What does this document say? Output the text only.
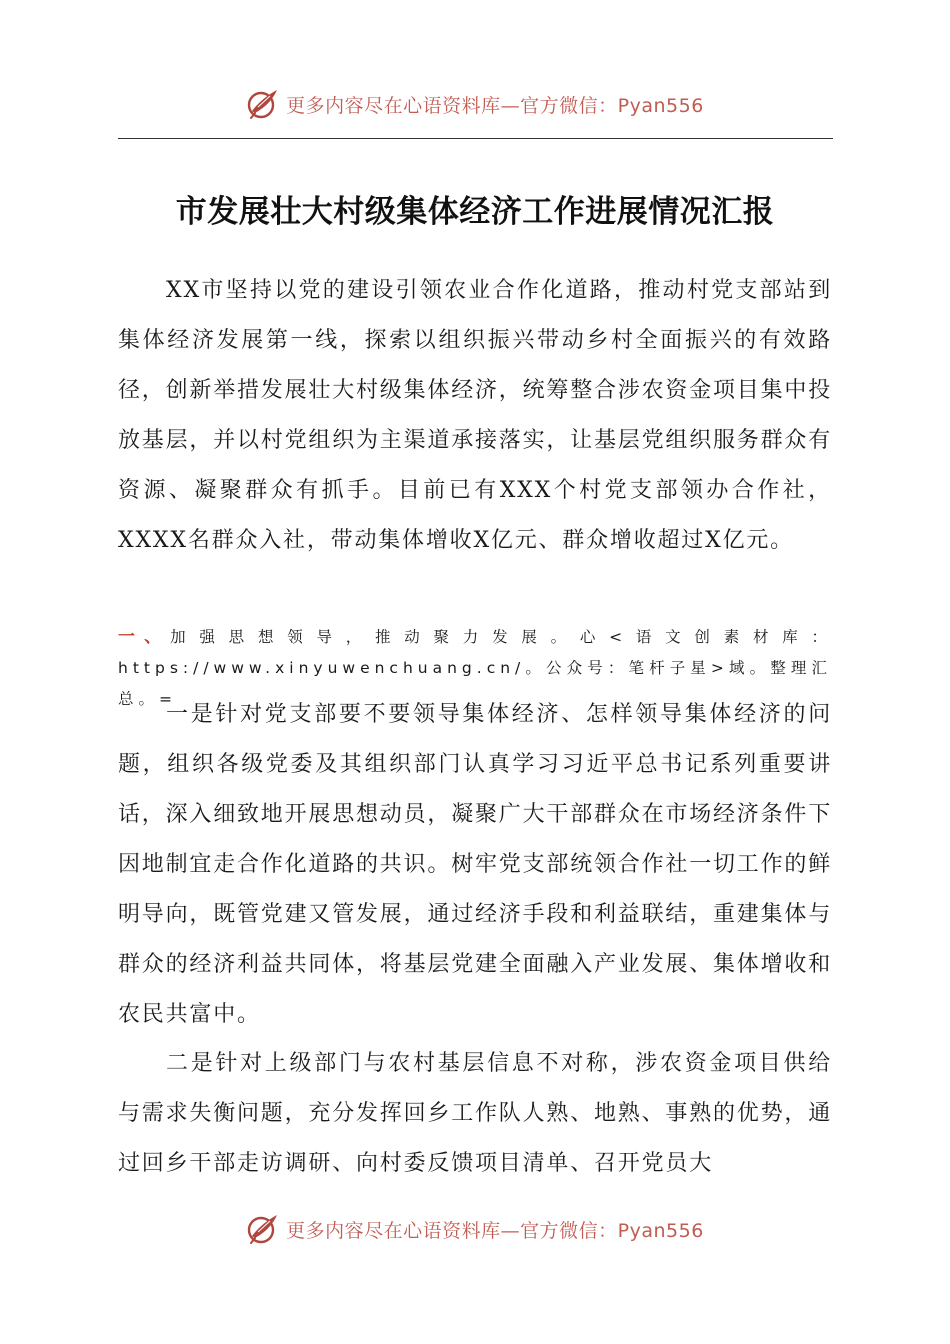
更多内容尽在心语资料库—官方微信：Pyan556
市发展壮大村级集体经济工作进展情况汇报

XX市坚持以党的建设引领农业合作化道路，推动村党支部站到集体经济发展第一线，探索以组织振兴带动乡村全面振兴的有效路径，创新举措发展壮大村级集体经济，统筹整合涉农资金项目集中投放基层，并以村党组织为主渠道承接落实，让基层党组织服务群众有资源、凝聚群众有抓手。目前已有XXX个村党支部领办合作社，XXXX名群众入社，带动集体增收X亿元、群众增收超过X亿元。

一、加强思想领导，推动聚力发展。心<语文创素材库：https://www.xinyuwenchuang.cn/。公众号：笔杆子星>域。整理汇总。=

一是针对党支部要不要领导集体经济、怎样领导集体经济的问题，组织各级党委及其组织部门认真学习习近平总书记系列重要讲话，深入细致地开展思想动员，凝聚广大干部群众在市场经济条件下因地制宜走合作化道路的共识。树牢党支部统领合作社一切工作的鲜明导向，既管党建又管发展，通过经济手段和利益联结，重建集体与群众的经济利益共同体，将基层党建全面融入产业发展、集体增收和农民共富中。

二是针对上级部门与农村基层信息不对称，涉农资金项目供给与需求失衡问题，充分发挥回乡工作队人熟、地熟、事熟的优势，通过回乡干部走访调研、向村委反馈项目清单、召开党员大

更多内容尽在心语资料库—官方微信：Pyan556
